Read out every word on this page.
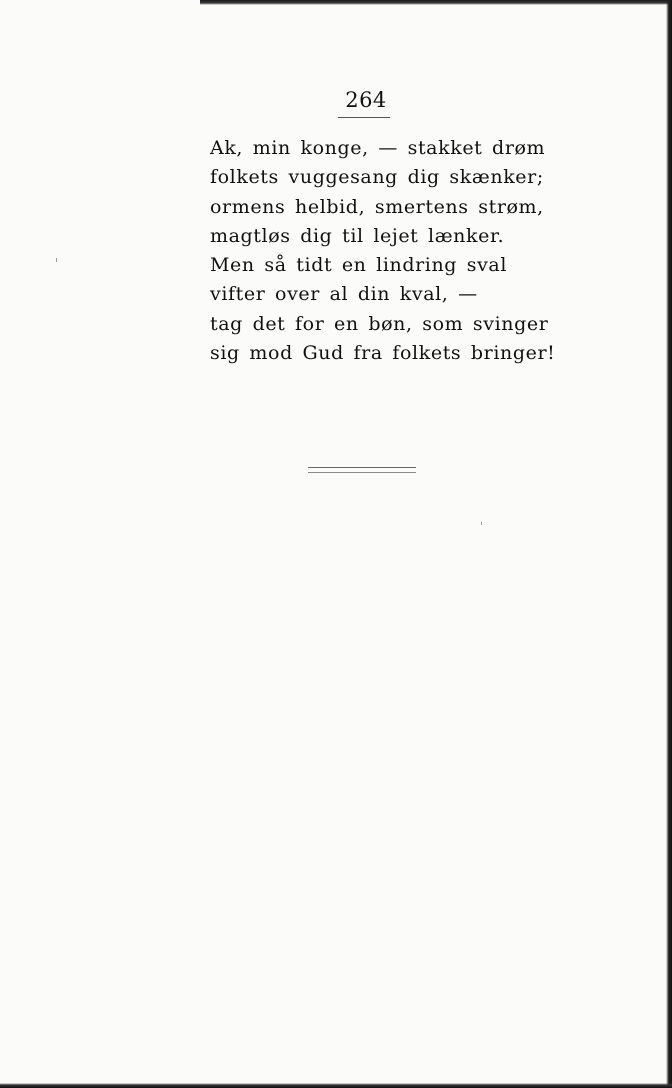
264
Ak, min konge, — stakket drøm
folkets vuggesang dig skænker;
ormens helbid, smertens strøm,
magtløs dig til lejet lænker.
Men så tidt en lindring sval
vifter over al din kval, —
tag det for en bøn, som svinger
sig mod Gud fra folkets bringer!
